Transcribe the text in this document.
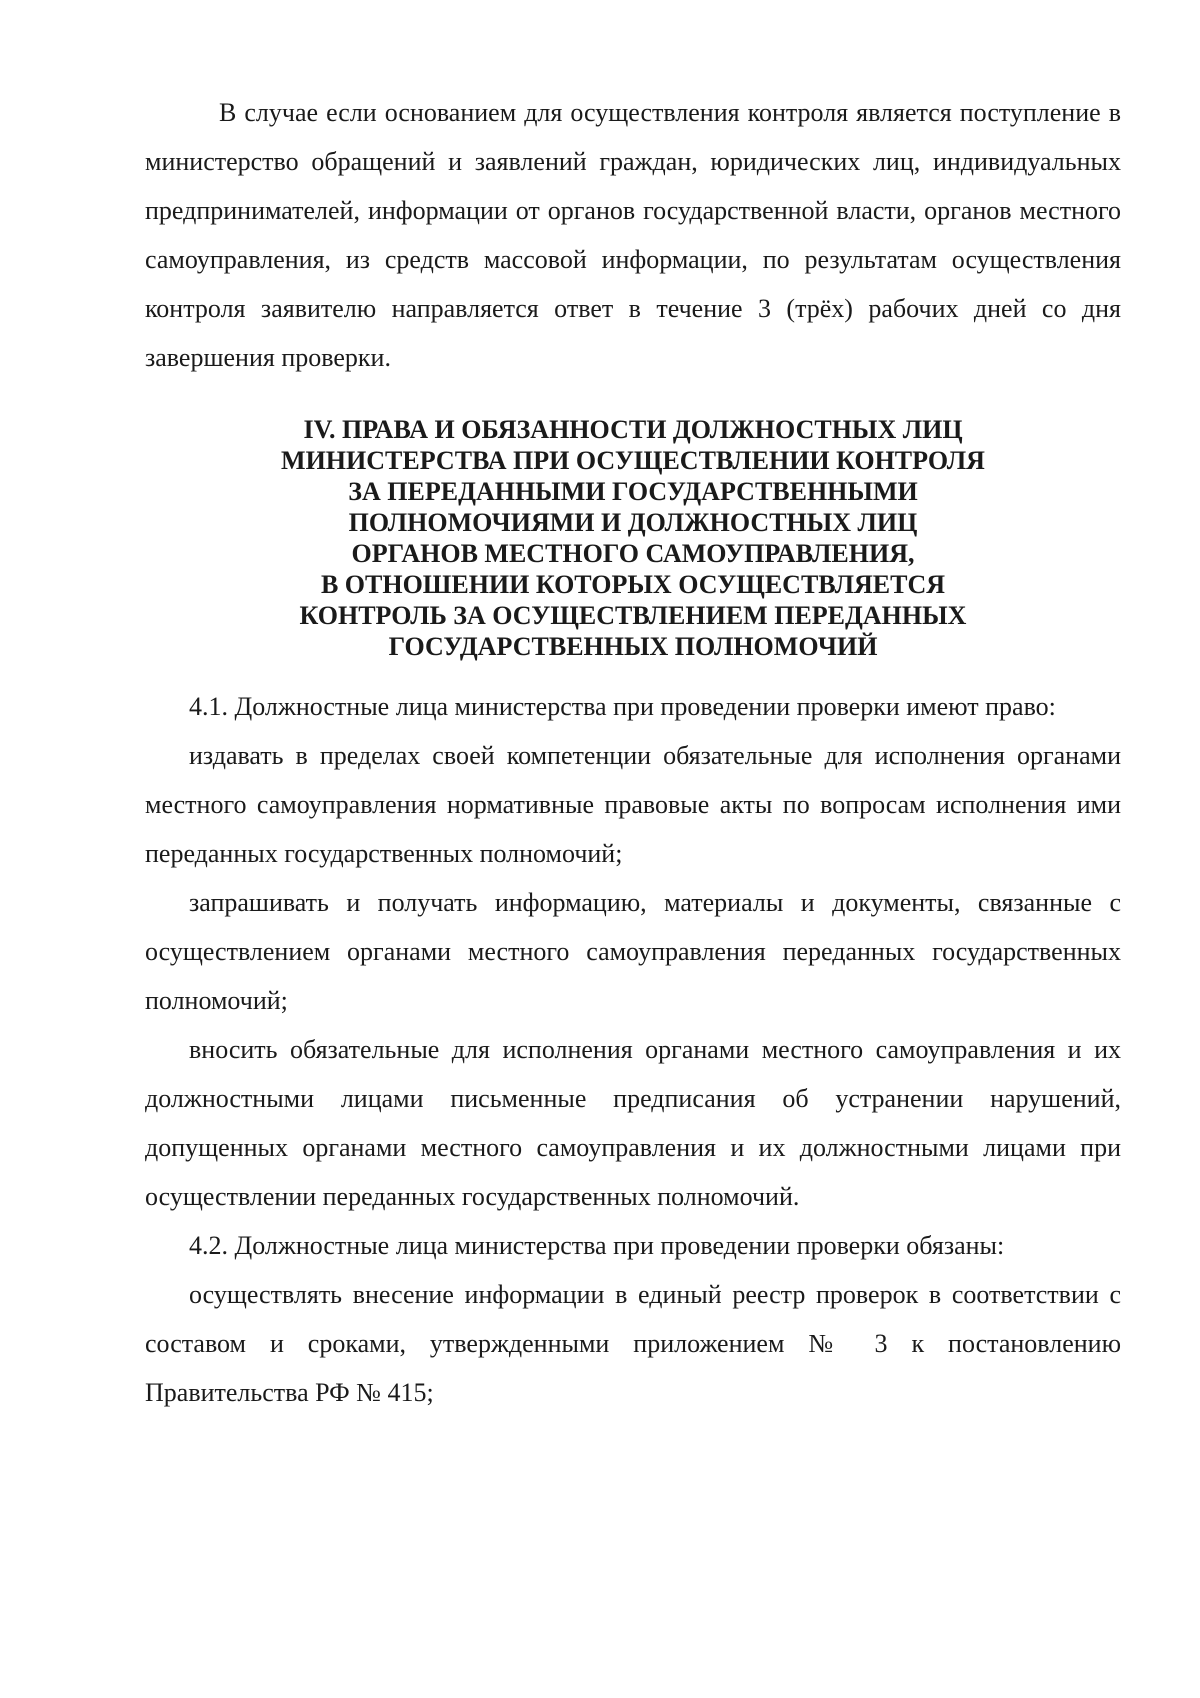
В случае если основанием для осуществления контроля является поступление в министерство обращений и заявлений граждан, юридических лиц, индивидуальных предпринимателей, информации от органов государственной власти, органов местного самоуправления, из средств массовой информации, по результатам осуществления контроля заявителю направляется ответ в течение 3 (трёх) рабочих дней со дня завершения проверки.

IV. ПРАВА И ОБЯЗАННОСТИ ДОЛЖНОСТНЫХ ЛИЦ
МИНИСТЕРСТВА ПРИ ОСУЩЕСТВЛЕНИИ КОНТРОЛЯ
ЗА ПЕРЕДАННЫМИ ГОСУДАРСТВЕННЫМИ
ПОЛНОМОЧИЯМИ И ДОЛЖНОСТНЫХ ЛИЦ
ОРГАНОВ МЕСТНОГО САМОУПРАВЛЕНИЯ,
В ОТНОШЕНИИ КОТОРЫХ ОСУЩЕСТВЛЯЕТСЯ
КОНТРОЛЬ ЗА ОСУЩЕСТВЛЕНИЕМ ПЕРЕДАННЫХ
ГОСУДАРСТВЕННЫХ ПОЛНОМОЧИЙ

4.1. Должностные лица министерства при проведении проверки имеют право:

издавать в пределах своей компетенции обязательные для исполнения органами местного самоуправления нормативные правовые акты по вопросам исполнения ими переданных государственных полномочий;

запрашивать и получать информацию, материалы и документы, связанные с осуществлением органами местного самоуправления переданных государственных полномочий;

вносить обязательные для исполнения органами местного самоуправления и их должностными лицами письменные предписания об устранении нарушений, допущенных органами местного самоуправления и их должностными лицами при осуществлении переданных государственных полномочий.

4.2. Должностные лица министерства при проведении проверки обязаны:

осуществлять внесение информации в единый реестр проверок в соответствии с составом и сроками, утвержденными приложением № 3 к постановлению Правительства РФ № 415;
